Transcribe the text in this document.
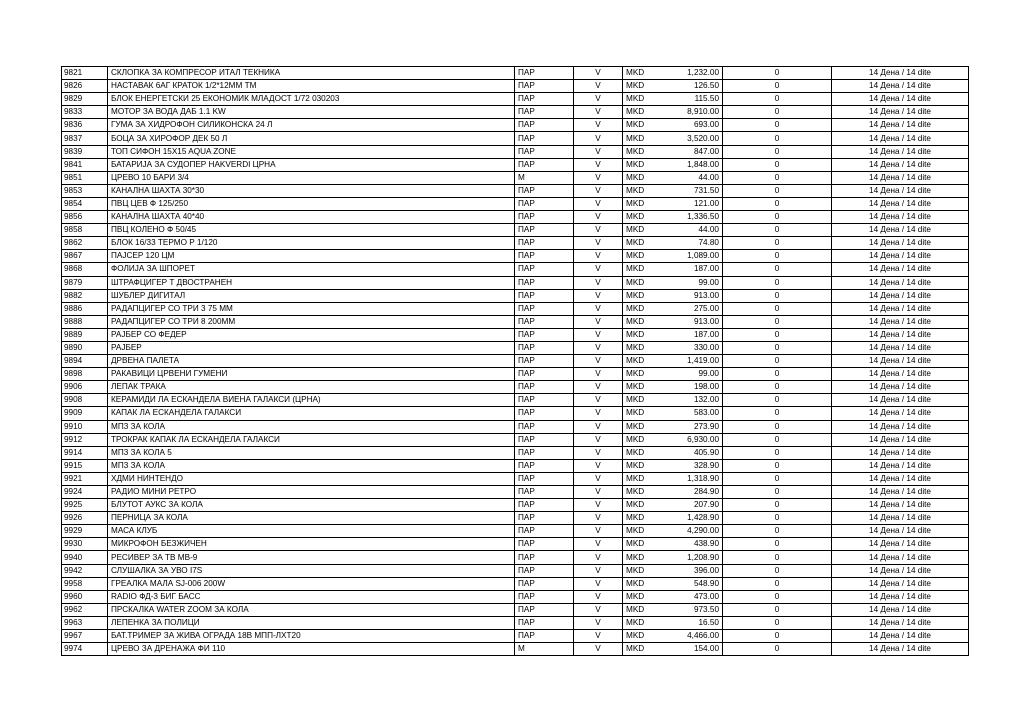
9821	СКЛОПКА ЗА КОМПРЕСОР ИТАЛ ТЕКНИКА	ПАР	V	MKD 1,232.00	0	14 Дена / 14 dite
9826	НАСТАВАК 6АГ КРАТОК 1/2*12ММ ТМ	ПАР	V	MKD 126.50	0	14 Дена / 14 dite
9829	БЛОК ЕНЕРГЕТСКИ 25 ЕКОНОМИК МЛАДОСТ 1/72 030203	ПАР	V	MKD 115.50	0	14 Дена / 14 dite
9833	МОТОР ЗА ВОДА ДАБ 1.1 KW	ПАР	V	MKD 8,910.00	0	14 Дена / 14 dite
9836	ГУМА ЗА ХИДРОФОН СИЛИКОНСКА 24 Л	ПАР	V	MKD 693.00	0	14 Дена / 14 dite
9837	БОЦА ЗА ХИРОФОР ДЕК 50 Л	ПАР	V	MKD 3,520.00	0	14 Дена / 14 dite
9839	ТОП СИФОН 15X15 AQUA ZONE	ПАР	V	MKD 847.00	0	14 Дена / 14 dite
9841	БАТАРИЈА ЗА СУДОПЕР HAKVERDI ЦРНА	ПАР	V	MKD 1,848.00	0	14 Дена / 14 dite
9851	ЦРЕВО 10 БАРИ 3/4	М	V	MKD 44.00	0	14 Дена / 14 dite
9853	КАНАЛНА ШАХТА 30*30	ПАР	V	MKD 731.50	0	14 Дена / 14 dite
9854	ПВЦ ЦЕВ Ф 125/250	ПАР	V	MKD 121.00	0	14 Дена / 14 dite
9856	КАНАЛНА ШАХТА 40*40	ПАР	V	MKD 1,336.50	0	14 Дена / 14 dite
9858	ПВЦ КОЛЕНО Ф 50/45	ПАР	V	MKD 44.00	0	14 Дена / 14 dite
9862	БЛОК 16/33 ТЕРМО Р 1/120	ПАР	V	MKD 74.80	0	14 Дена / 14 dite
9867	ПАЈСЕР 120 ЦМ	ПАР	V	MKD 1,089.00	0	14 Дена / 14 dite
9868	ФОЛИЈА ЗА ШПОРЕТ	ПАР	V	MKD 187.00	0	14 Дена / 14 dite
9879	ШТРАФЦИГЕР Т ДВОСТРАНЕН	ПАР	V	MKD 99.00	0	14 Дена / 14 dite
9882	ШУБЛЕР ДИГИТАЛ	ПАР	V	MKD 913.00	0	14 Дена / 14 dite
9886	РАДАПЦИГЕР СО ТРИ 3 75 ММ	ПАР	V	MKD 275.00	0	14 Дена / 14 dite
9888	РАДАПЦИГЕР СО ТРИ 8 200ММ	ПАР	V	MKD 913.00	0	14 Дена / 14 dite
9889	РАЈБЕР СО ФЕДЕР	ПАР	V	MKD 187.00	0	14 Дена / 14 dite
9890	РАЈБЕР	ПАР	V	MKD 330.00	0	14 Дена / 14 dite
9894	ДРВЕНА ПАЛЕТА	ПАР	V	MKD 1,419.00	0	14 Дена / 14 dite
9898	РАКАВИЦИ ЦРВЕНИ ГУМЕНИ	ПАР	V	MKD 99.00	0	14 Дена / 14 dite
9906	ЛЕПАК ТРАКА	ПАР	V	MKD 198.00	0	14 Дена / 14 dite
9908	КЕРАМИДИ ЛА ЕСКАНДЕЛА ВИЕНА ГАЛАКСИ (ЦРНА)	ПАР	V	MKD 132.00	0	14 Дена / 14 dite
9909	КАПАК ЛА ЕСКАНДЕЛА ГАЛАКСИ	ПАР	V	MKD 583.00	0	14 Дена / 14 dite
9910	МП3 ЗА КОЛА	ПАР	V	MKD 273.90	0	14 Дена / 14 dite
9912	ТРОКРАК КАПАК ЛА ЕСКАНДЕЛА ГАЛАКСИ	ПАР	V	MKD 6,930.00	0	14 Дена / 14 dite
9914	МП3 ЗА КОЛА 5	ПАР	V	MKD 405.90	0	14 Дена / 14 dite
9915	МП3 ЗА КОЛА	ПАР	V	MKD 328.90	0	14 Дена / 14 dite
9921	ХДМИ НИНТЕНДО	ПАР	V	MKD 1,318.90	0	14 Дена / 14 dite
9924	РАДИО МИНИ РЕТРО	ПАР	V	MKD 284.90	0	14 Дена / 14 dite
9925	БЛУТОТ АУКС ЗА КОЛА	ПАР	V	MKD 207.90	0	14 Дена / 14 dite
9926	ПЕРНИЦА ЗА КОЛА	ПАР	V	MKD 1,428.90	0	14 Дена / 14 dite
9929	МАСА КЛУБ	ПАР	V	MKD 4,290.00	0	14 Дена / 14 dite
9930	МИКРОФОН БЕЗЖИЧЕН	ПАР	V	MKD 438.90	0	14 Дена / 14 dite
9940	РЕСИВЕР ЗА ТВ МВ-9	ПАР	V	MKD 1,208.90	0	14 Дена / 14 dite
9942	СЛУШАЛКА ЗА УВО I7S	ПАР	V	MKD 396.00	0	14 Дена / 14 dite
9958	ГРЕАЛКА МАЛА SJ-006 200W	ПАР	V	MKD 548.90	0	14 Дена / 14 dite
9960	RADIO ФД-3 БИГ БАСС	ПАР	V	MKD 473.00	0	14 Дена / 14 dite
9962	ПРСКАЛКА WATER ZOOM ЗА КОЛА	ПАР	V	MKD 973.50	0	14 Дена / 14 dite
9963	ЛЕПЕНКА ЗА ПОЛИЦИ	ПАР	V	MKD 16.50	0	14 Дена / 14 dite
9967	БАТ.ТРИМЕР ЗА ЖИВА ОГРАДА 18В МПП-ЛХТ20	ПАР	V	MKD 4,466.00	0	14 Дена / 14 dite
9974	ЦРЕВО ЗА ДРЕНАЖА ФИ 110	М	V	MKD 154.00	0	14 Дена / 14 dite
